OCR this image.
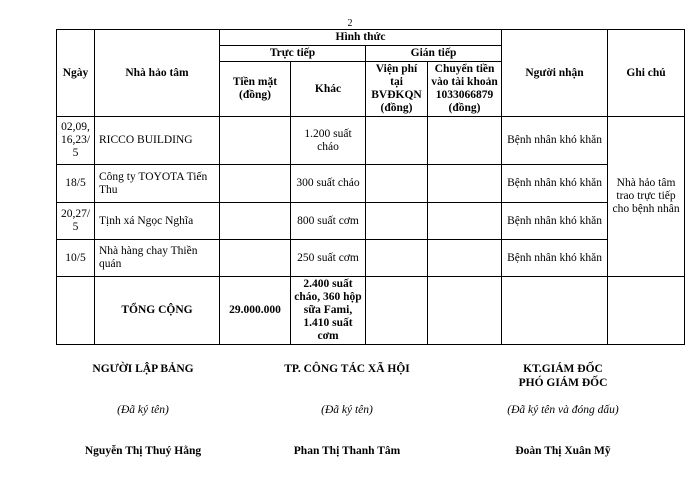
2
Ngày	Nhà hảo tâm	Hình thức				Người nhận	Ghi chú
		Trực tiếp		Gián tiếp			
		Tiền mặt (đồng)	Khác	Viện phí tại BVĐKQN (đồng)	Chuyển tiền vào tài khoản 1033066879 (đồng)		
02,09, 16,23/ 5	RICCO BUILDING		1.200 suất cháo			Bệnh nhân khó khăn	Nhà hảo tâm trao trực tiếp cho bệnh nhân
18/5	Công ty TOYOTA Tiến Thu		300 suất cháo			Bệnh nhân khó khăn	
20,27/ 5	Tịnh xá Ngọc Nghĩa		800 suất cơm			Bệnh nhân khó khăn	
10/5	Nhà hàng chay Thiền quán		250 suất cơm			Bệnh nhân khó khăn	
	TỔNG CỘNG	29.000.000	2.400 suất cháo, 360 hộp sữa Fami, 1.410 suất cơm				
NGƯỜI LẬP BẢNG
(Đã ký tên)
Nguyễn Thị Thuý Hằng
TP. CÔNG TÁC XÃ HỘI
(Đã ký tên)
Phan Thị Thanh Tâm
KT.GIÁM ĐỐC
PHÓ GIÁM ĐỐC
(Đã ký tên và đóng dấu)
Đoàn Thị Xuân Mỹ
